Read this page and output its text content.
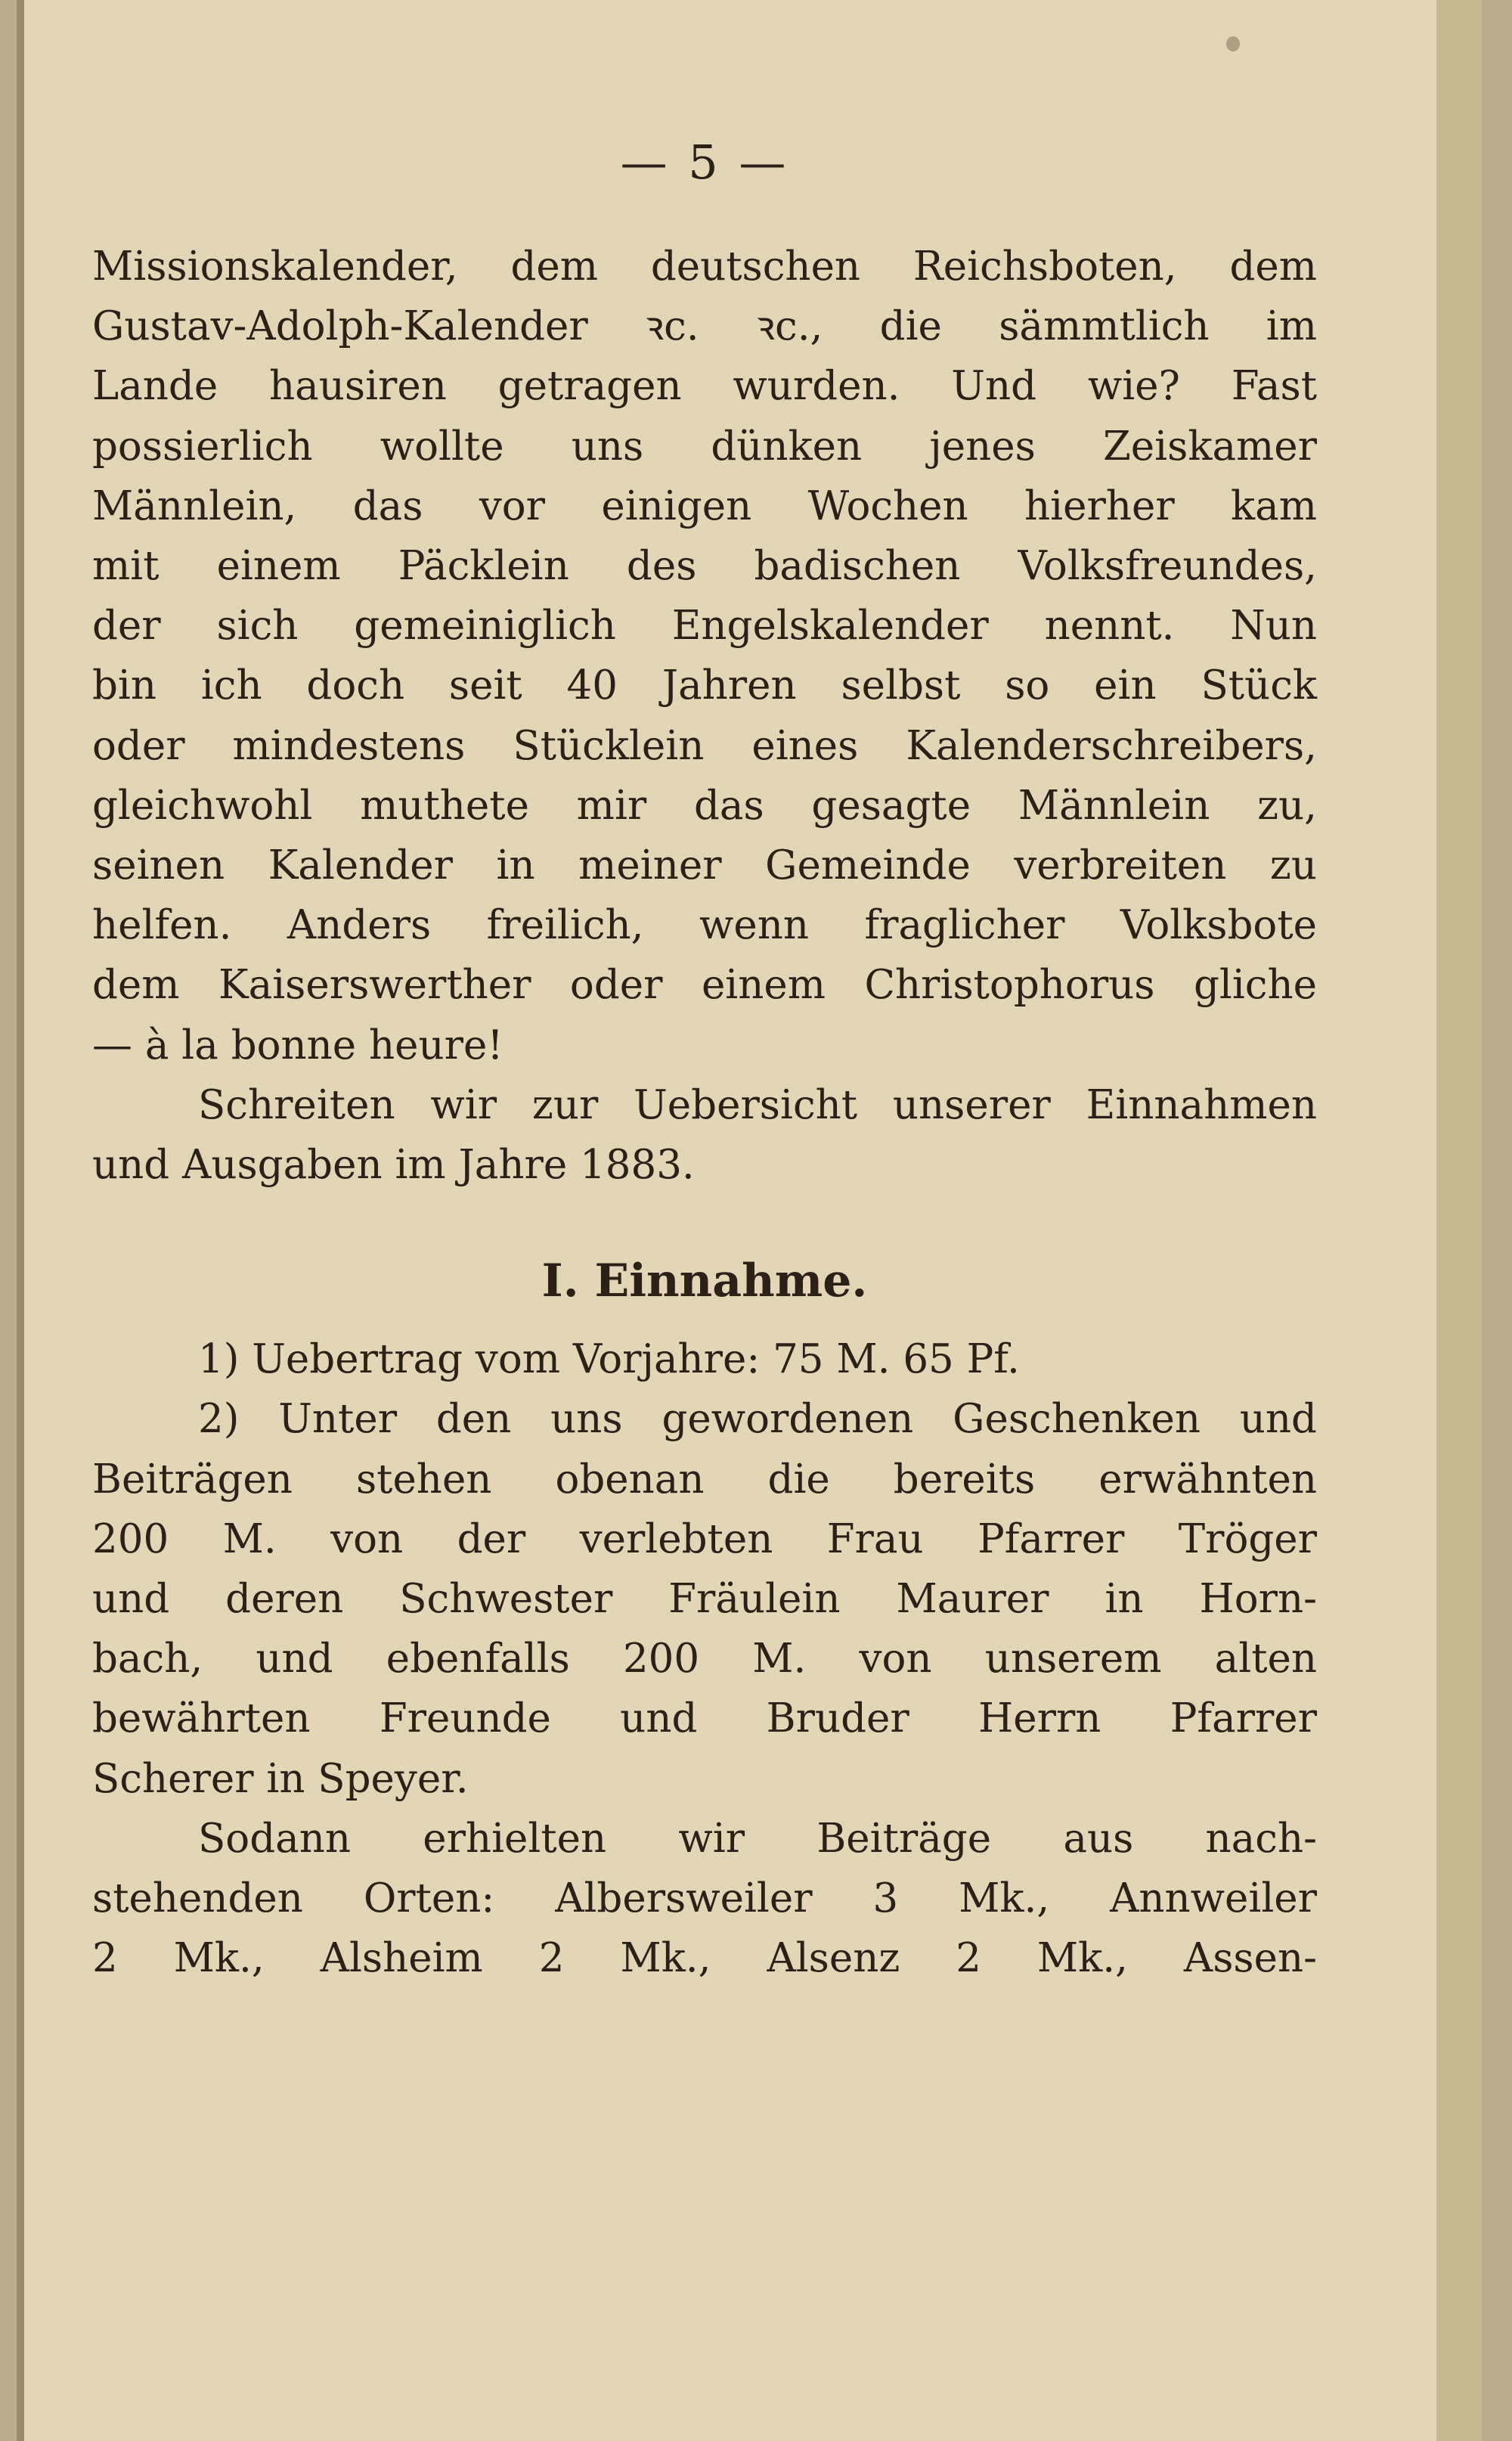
— 5 —
Missionskalender, dem deutschen Reichsboten, dem
Gustav-Adolph-Kalender ꝛc. ꝛc., die sämmtlich im
Lande hausiren getragen wurden. Und wie? Fast
possierlich wollte uns dünken jenes Zeiskamer
Männlein, das vor einigen Wochen hierher kam
mit einem Päcklein des badischen Volksfreundes,
der sich gemeiniglich Engelskalender nennt. Nun
bin ich doch seit 40 Jahren selbst so ein Stück
oder mindestens Stücklein eines Kalenderschreibers,
gleichwohl muthete mir das gesagte Männlein zu,
seinen Kalender in meiner Gemeinde verbreiten zu
helfen. Anders freilich, wenn fraglicher Volksbote
dem Kaiserswerther oder einem Christophorus gliche
— à la bonne heure!
Schreiten wir zur Uebersicht unserer Einnahmen
und Ausgaben im Jahre 1883.
I. Einnahme.
1) Uebertrag vom Vorjahre: 75 M. 65 Pf.
2) Unter den uns gewordenen Geschenken und
Beiträgen stehen obenan die bereits erwähnten
200 M. von der verlebten Frau Pfarrer Tröger
und deren Schwester Fräulein Maurer in Horn-
bach, und ebenfalls 200 M. von unserem alten
bewährten Freunde und Bruder Herrn Pfarrer
Scherer in Speyer.
Sodann erhielten wir Beiträge aus nach-
stehenden Orten: Albersweiler 3 Mk., Annweiler
2 Mk., Alsheim 2 Mk., Alsenz 2 Mk., Assen-
